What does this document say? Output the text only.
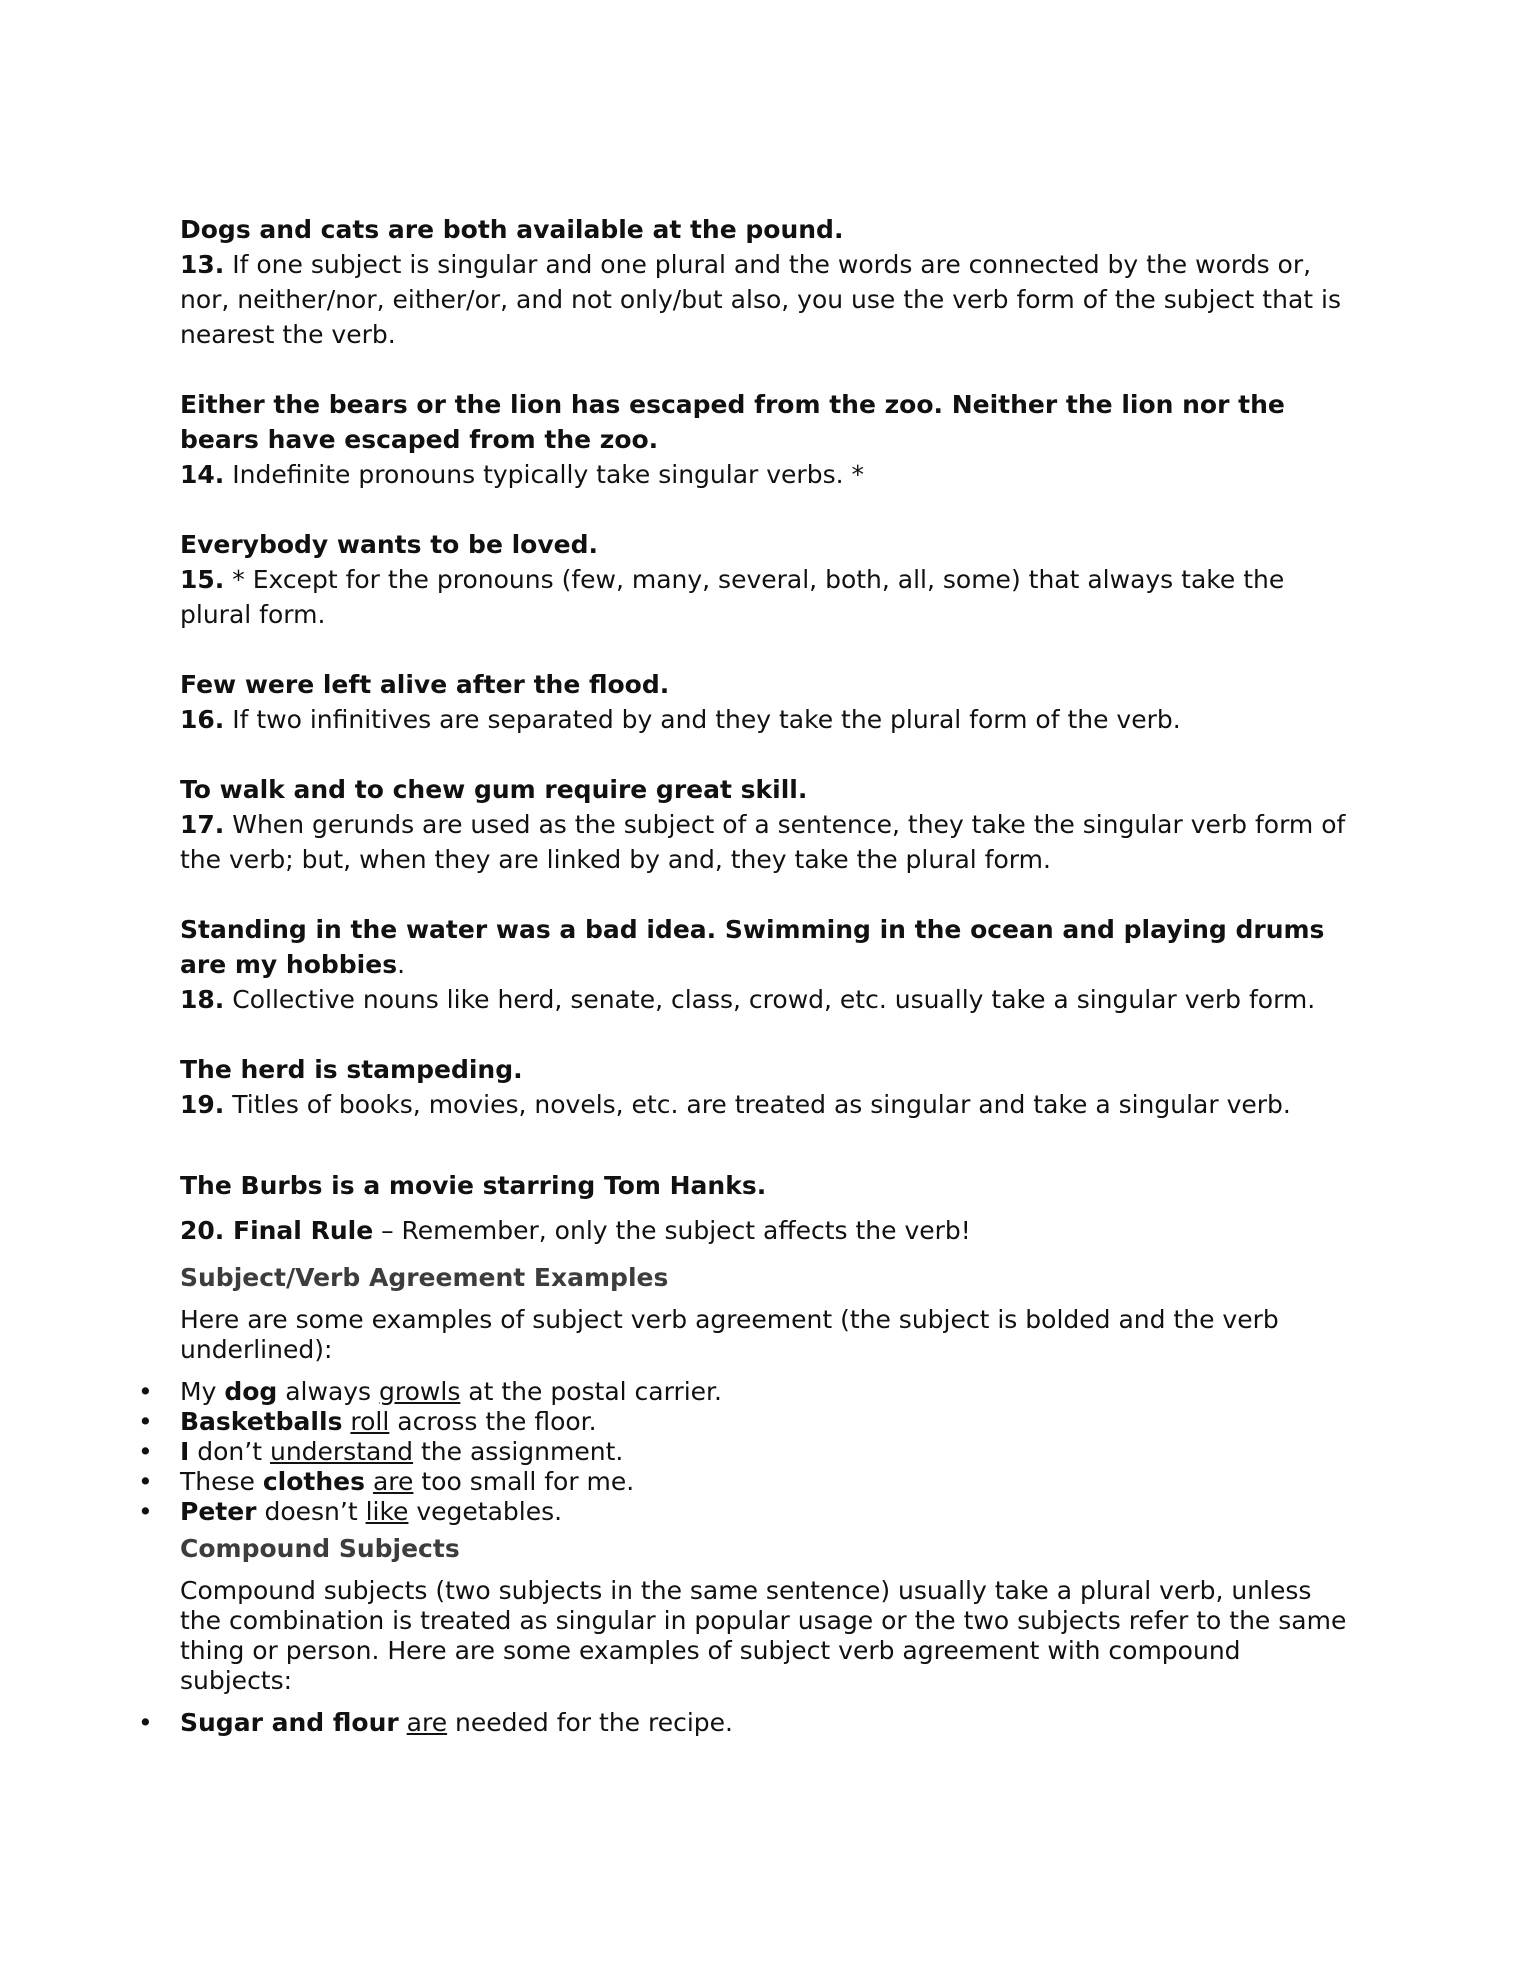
Dogs and cats are both available at the pound.

13. If one subject is singular and one plural and the words are connected by the words or, nor, neither/nor, either/or, and not only/but also, you use the verb form of the subject that is nearest the verb.

Either the bears or the lion has escaped from the zoo. Neither the lion nor the bears have escaped from the zoo.

14. Indefinite pronouns typically take singular verbs. *

Everybody wants to be loved.

15. * Except for the pronouns (few, many, several, both, all, some) that always take the plural form.

Few were left alive after the flood.

16. If two infinitives are separated by and they take the plural form of the verb.

To walk and to chew gum require great skill.

17. When gerunds are used as the subject of a sentence, they take the singular verb form of the verb; but, when they are linked by and, they take the plural form.

Standing in the water was a bad idea. Swimming in the ocean and playing drums are my hobbies.

18. Collective nouns like herd, senate, class, crowd, etc. usually take a singular verb form.

The herd is stampeding.

19. Titles of books, movies, novels, etc. are treated as singular and take a singular verb.

The Burbs is a movie starring Tom Hanks.

20. Final Rule – Remember, only the subject affects the verb!

Subject/Verb Agreement Examples

Here are some examples of subject verb agreement (the subject is bolded and the verb underlined):

• My dog always growls at the postal carrier.
• Basketballs roll across the floor.
• I don’t understand the assignment.
• These clothes are too small for me.
• Peter doesn’t like vegetables.
Compound Subjects

Compound subjects (two subjects in the same sentence) usually take a plural verb, unless the combination is treated as singular in popular usage or the two subjects refer to the same thing or person. Here are some examples of subject verb agreement with compound subjects:

• Sugar and flour are needed for the recipe.
